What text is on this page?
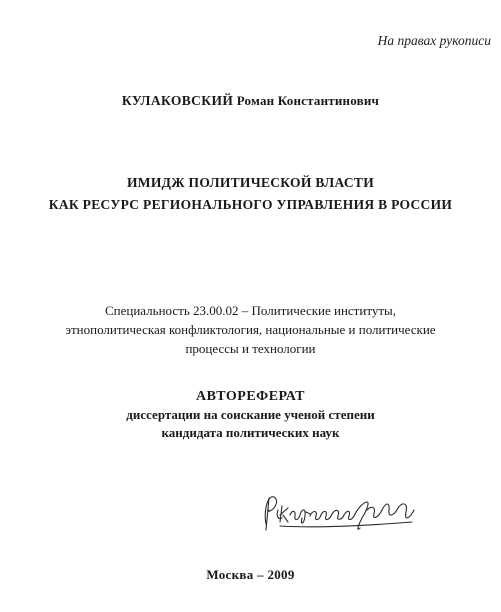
На правах рукописи
КУЛАКОВСКИЙ Роман Константинович
ИМИДЖ ПОЛИТИЧЕСКОЙ ВЛАСТИ
КАК РЕСУРС РЕГИОНАЛЬНОГО УПРАВЛЕНИЯ В РОССИИ
Специальность 23.00.02 – Политические институты,
этнополитическая конфликтология, национальные и политические
процессы и технологии
АВТОРЕФЕРАТ
диссертации на соискание ученой степени
кандидата политических наук
Москва – 2009
